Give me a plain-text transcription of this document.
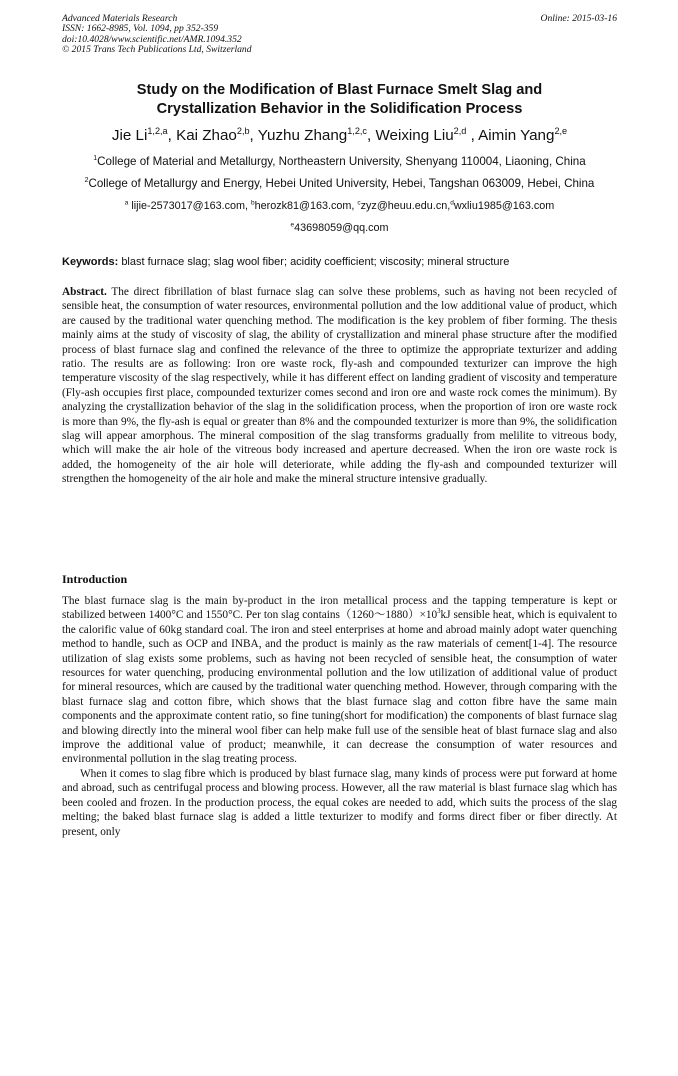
Advanced Materials Research
ISSN: 1662-8985, Vol. 1094, pp 352-359
doi:10.4028/www.scientific.net/AMR.1094.352
© 2015 Trans Tech Publications Ltd, Switzerland
Online: 2015-03-16
Study on the Modification of Blast Furnace Smelt Slag and
Crystallization Behavior in the Solidification Process
Jie Li$^{1,2,a}$, Kai Zhao$^{2,b}$, Yuzhu Zhang$^{1,2,c}$, Weixing Liu$^{2,d}$ , Aimin Yang$^{2,e}$
$^1$College of Material and Metallurgy, Northeastern University, Shenyang 110004, Liaoning, China
$^2$College of Metallurgy and Energy, Hebei United University, Hebei, Tangshan 063009, Hebei, China
$^a$ lijie-2573017@163.com, $^b$herozk81@163.com, $^c$zyz@heuu.edu.cn,$^d$wxliu1985@163.com
$^e$43698059@qq.com
Keywords: blast furnace slag; slag wool fiber; acidity coefficient; viscosity; mineral structure
Abstract. The direct fibrillation of blast furnace slag can solve these problems, such as having not been recycled of sensible heat, the consumption of water resources, environmental pollution and the low additional value of product, which are caused by the traditional water quenching method. The modification is the key problem of fiber forming. The thesis mainly aims at the study of viscosity of slag, the ability of crystallization and mineral phase structure after the modified process of blast furnace slag and confined the relevance of the three to optimize the appropriate texturizer and adding ratio. The results are as following: Iron ore waste rock, fly-ash and compounded texturizer can improve the high temperature viscosity of the slag respectively, while it has different effect on landing gradient of viscosity and temperature (Fly-ash occupies first place, compounded texturizer comes second and iron ore and waste rock comes the minimum). By analyzing the crystallization behavior of the slag in the solidification process, when the proportion of iron ore waste rock is more than 9%, the fly-ash is equal or greater than 8% and the compounded texturizer is more than 9%, the solidification slag will appear amorphous. The mineral composition of the slag transforms gradually from melilite to vitreous body, which will make the air hole of the vitreous body increased and aperture decreased. When the iron ore waste rock is added, the homogeneity of the air hole will deteriorate, while adding the fly-ash and compounded texturizer will strengthen the homogeneity of the air hole and make the mineral structure intensive gradually.
Introduction

The blast furnace slag is the main by-product in the iron metallical process and the tapping temperature is kept or stabilized between 1400°C and 1550°C. Per ton slag $contains(1260\sim 1880)\times 10^3kJ$ sensible heat, which is equivalent to the calorific value of 60kg standard coal. The iron and steel enterprises at home and abroad mainly adopt water quenching method to handle, such as OCP and INBA, and the product is mainly as the raw materials of cement[1-4]. The resource utilization of slag exists some problems, such as having not been recycled of sensible heat, the consumption of water resources for water quenching, producing environmental pollution and the low utilization of additional value of product for mineral resources, which are caused by the traditional water quenching method. However, through comparing with the blast furnace slag and cotton fibre, which shows that the blast furnace slag and cotton fibre have the same main components and the approximate content ratio, so fine tuning(short for modification) the components of blast furnace slag and blowing directly into the mineral wool fiber can help make full use of the sensible heat of blast furnace slag and also improve the additional value of product; meanwhile, it can decrease the consumption of water resources and environmental pollution in the slag treating process.

When it comes to slag fibre which is produced by blast furnace slag, many kinds of process were put forward at home and abroad, such as centrifugal process and blowing process. However, all the raw material is blast furnace slag which has been cooled and frozen. In the production process, the equal cokes are needed to add, which suits the process of the slag melting; the baked blast furnace slag is added a little texturizer to modify and forms direct fiber or fiber directly. At present, only
